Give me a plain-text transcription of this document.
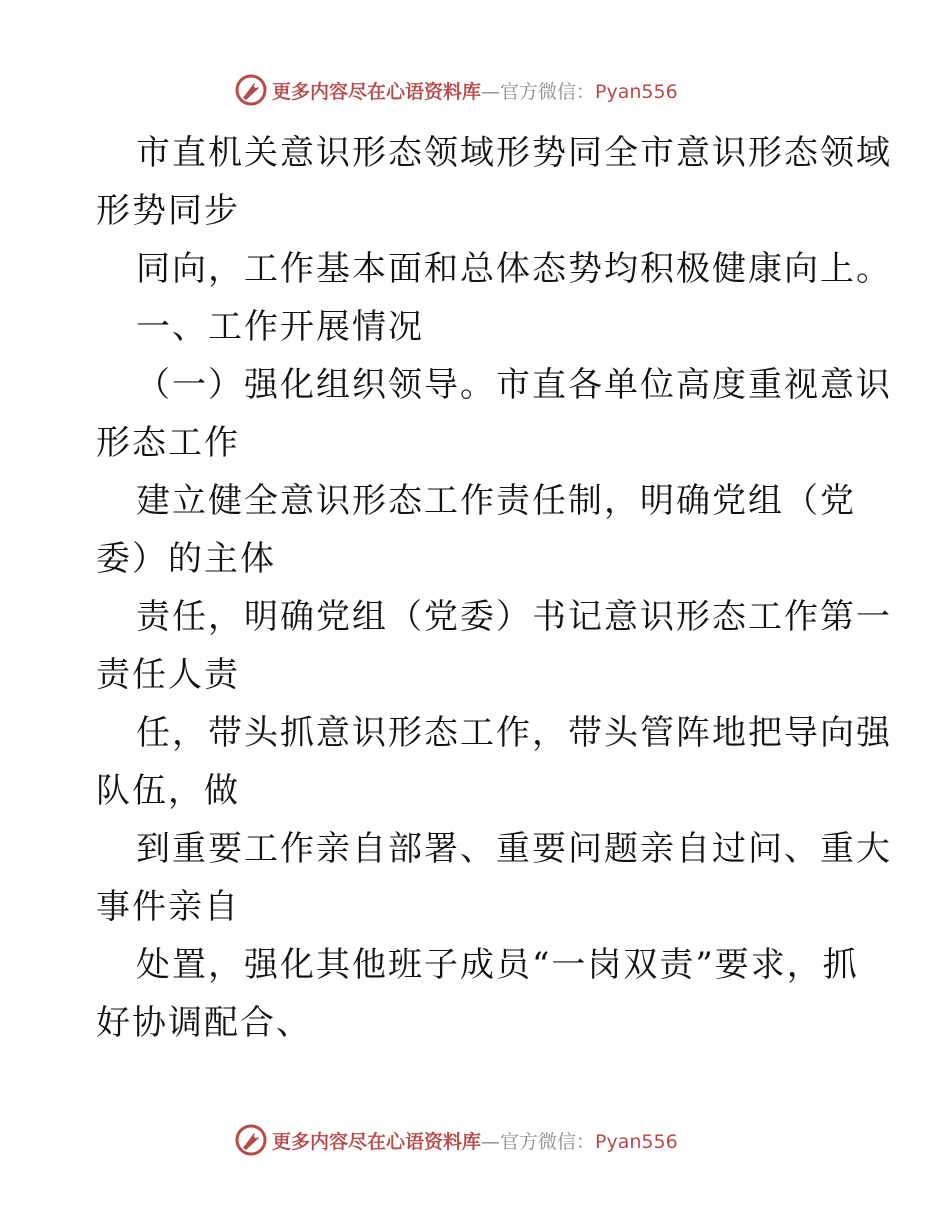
更多内容尽在心语资料库—官方微信：Pyan556
市直机关意识形态领域形势同全市意识形态领域
形势同步
同向，工作基本面和总体态势均积极健康向上。
一、工作开展情况
（一）强化组织领导。市直各单位高度重视意识
形态工作
建立健全意识形态工作责任制，明确党组（党
委）的主体
责任，明确党组（党委）书记意识形态工作第一
责任人责
任，带头抓意识形态工作，带头管阵地把导向强
队伍，做
到重要工作亲自部署、重要问题亲自过问、重大
事件亲自
处置，强化其他班子成员“一岗双责”要求，抓
好协调配合、
更多内容尽在心语资料库—官方微信：Pyan556
